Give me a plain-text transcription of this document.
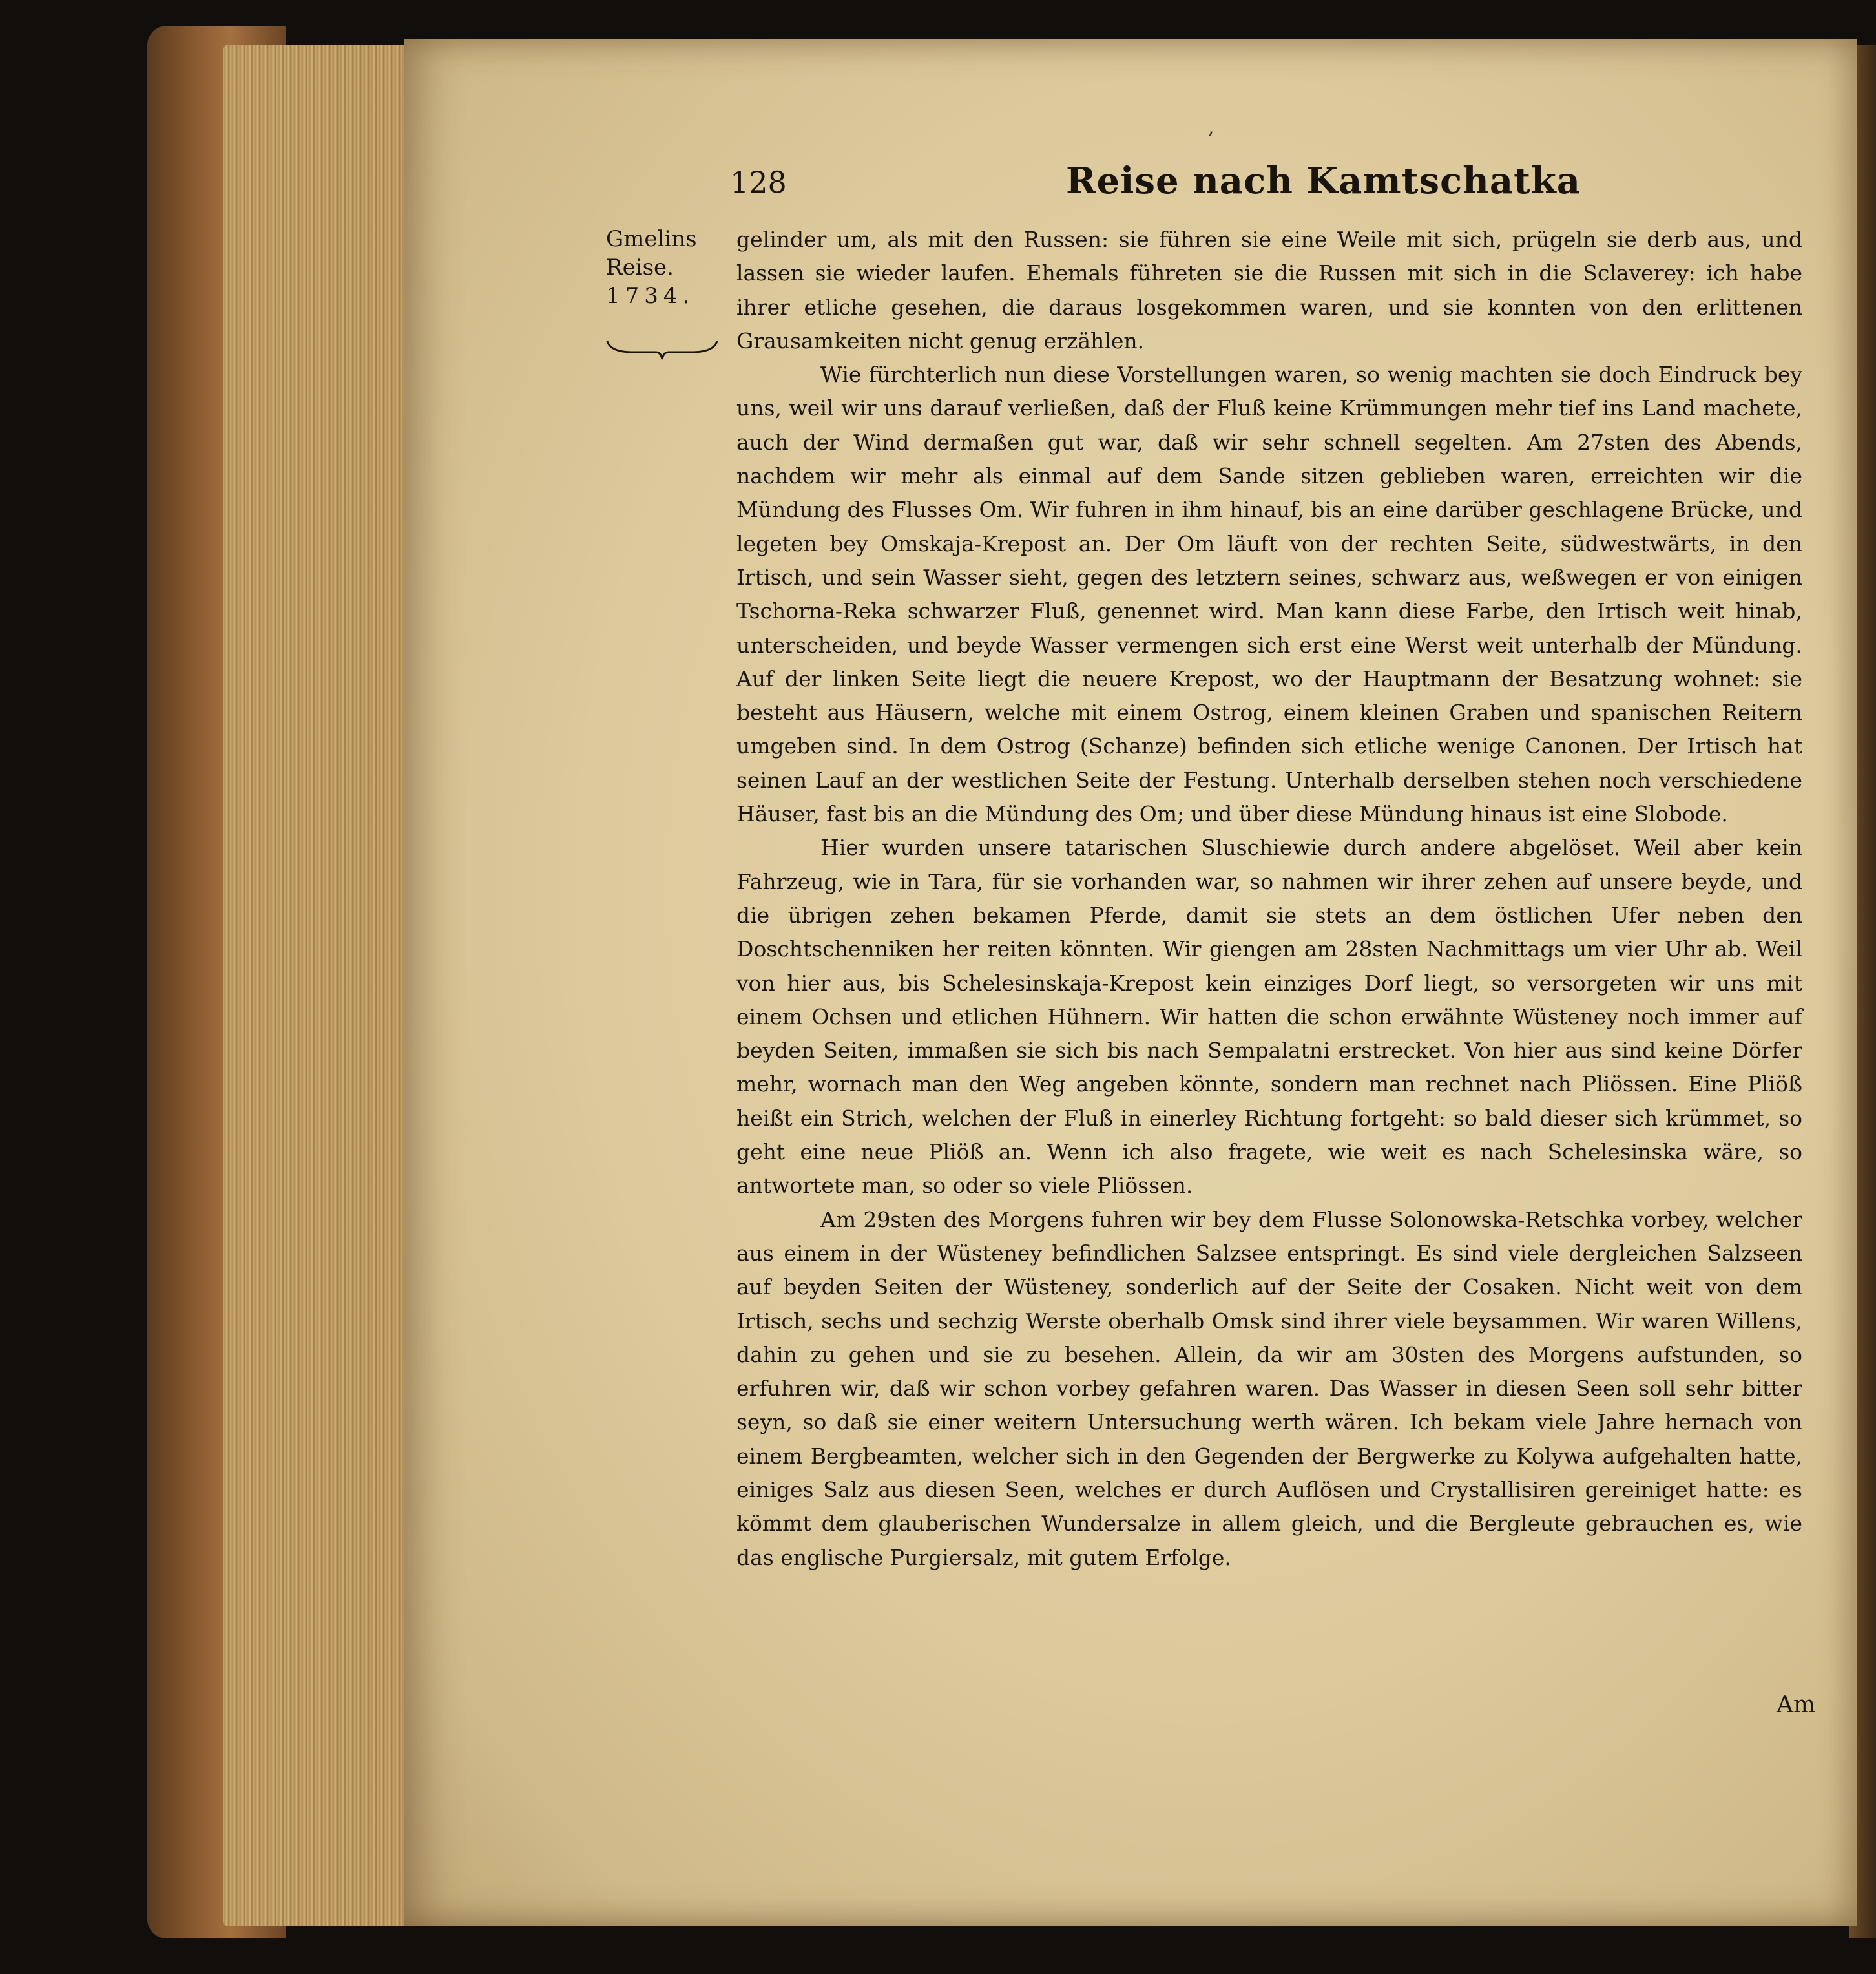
,
128	Reise nach Kamtschatka
Gmelins
Reise.
1734.

gelinder um, als mit den Russen: sie führen sie eine Weile mit sich, prügeln sie derb aus, und lassen sie wieder laufen. Ehemals führeten sie die Russen mit sich in die Sclaverey: ich habe ihrer etliche gesehen, die daraus losgekommen waren, und sie konnten von den erlittenen Grausamkeiten nicht genug erzählen.

Wie fürchterlich nun diese Vorstellungen waren, so wenig machten sie doch Eindruck bey uns, weil wir uns darauf verließen, daß der Fluß keine Krümmungen mehr tief ins Land machete, auch der Wind dermaßen gut war, daß wir sehr schnell segelten. Am 27sten des Abends, nachdem wir mehr als einmal auf dem Sande sitzen geblieben waren, erreichten wir die Mündung des Flusses Om. Wir fuhren in ihm hinauf, bis an eine darüber geschlagene Brücke, und legeten bey Omskaja-Krepost an. Der Om läuft von der rechten Seite, südwestwärts, in den Irtisch, und sein Wasser sieht, gegen des letztern seines, schwarz aus, weßwegen er von einigen Tschorna-Reka schwarzer Fluß, genennet wird. Man kann diese Farbe, den Irtisch weit hinab, unterscheiden, und beyde Wasser vermengen sich erst eine Werst weit unterhalb der Mündung. Auf der linken Seite liegt die neuere Krepost, wo der Hauptmann der Besatzung wohnet: sie besteht aus Häusern, welche mit einem Ostrog, einem kleinen Graben und spanischen Reitern umgeben sind. In dem Ostrog (Schanze) befinden sich etliche wenige Canonen. Der Irtisch hat seinen Lauf an der westlichen Seite der Festung. Unterhalb derselben stehen noch verschiedene Häuser, fast bis an die Mündung des Om; und über diese Mündung hinaus ist eine Slobode.

Hier wurden unsere tatarischen Sluschiewie durch andere abgelöset. Weil aber kein Fahrzeug, wie in Tara, für sie vorhanden war, so nahmen wir ihrer zehen auf unsere beyde, und die übrigen zehen bekamen Pferde, damit sie stets an dem östlichen Ufer neben den Doschtschenniken her reiten könnten. Wir giengen am 28sten Nachmittags um vier Uhr ab. Weil von hier aus, bis Schelesinskaja-Krepost kein einziges Dorf liegt, so versorgeten wir uns mit einem Ochsen und etlichen Hühnern. Wir hatten die schon erwähnte Wüsteney noch immer auf beyden Seiten, immaßen sie sich bis nach Sempalatni erstrecket. Von hier aus sind keine Dörfer mehr, wornach man den Weg angeben könnte, sondern man rechnet nach Pliössen. Eine Pliöß heißt ein Strich, welchen der Fluß in einerley Richtung fortgeht: so bald dieser sich krümmet, so geht eine neue Pliöß an. Wenn ich also fragete, wie weit es nach Schelesinska wäre, so antwortete man, so oder so viele Pliössen.

Am 29sten des Morgens fuhren wir bey dem Flusse Solonowska-Retschka vorbey, welcher aus einem in der Wüsteney befindlichen Salzsee entspringt. Es sind viele dergleichen Salzseen auf beyden Seiten der Wüsteney, sonderlich auf der Seite der Cosaken. Nicht weit von dem Irtisch, sechs und sechzig Werste oberhalb Omsk sind ihrer viele beysammen. Wir waren Willens, dahin zu gehen und sie zu besehen. Allein, da wir am 30sten des Morgens aufstunden, so erfuhren wir, daß wir schon vorbey gefahren waren. Das Wasser in diesen Seen soll sehr bitter seyn, so daß sie einer weitern Untersuchung werth wären. Ich bekam viele Jahre hernach von einem Bergbeamten, welcher sich in den Gegenden der Bergwerke zu Kolywa aufgehalten hatte, einiges Salz aus diesen Seen, welches er durch Auflösen und Crystallisiren gereiniget hatte: es kömmt dem glauberischen Wundersalze in allem gleich, und die Bergleute gebrauchen es, wie das englische Purgiersalz, mit gutem Erfolge.

Am
